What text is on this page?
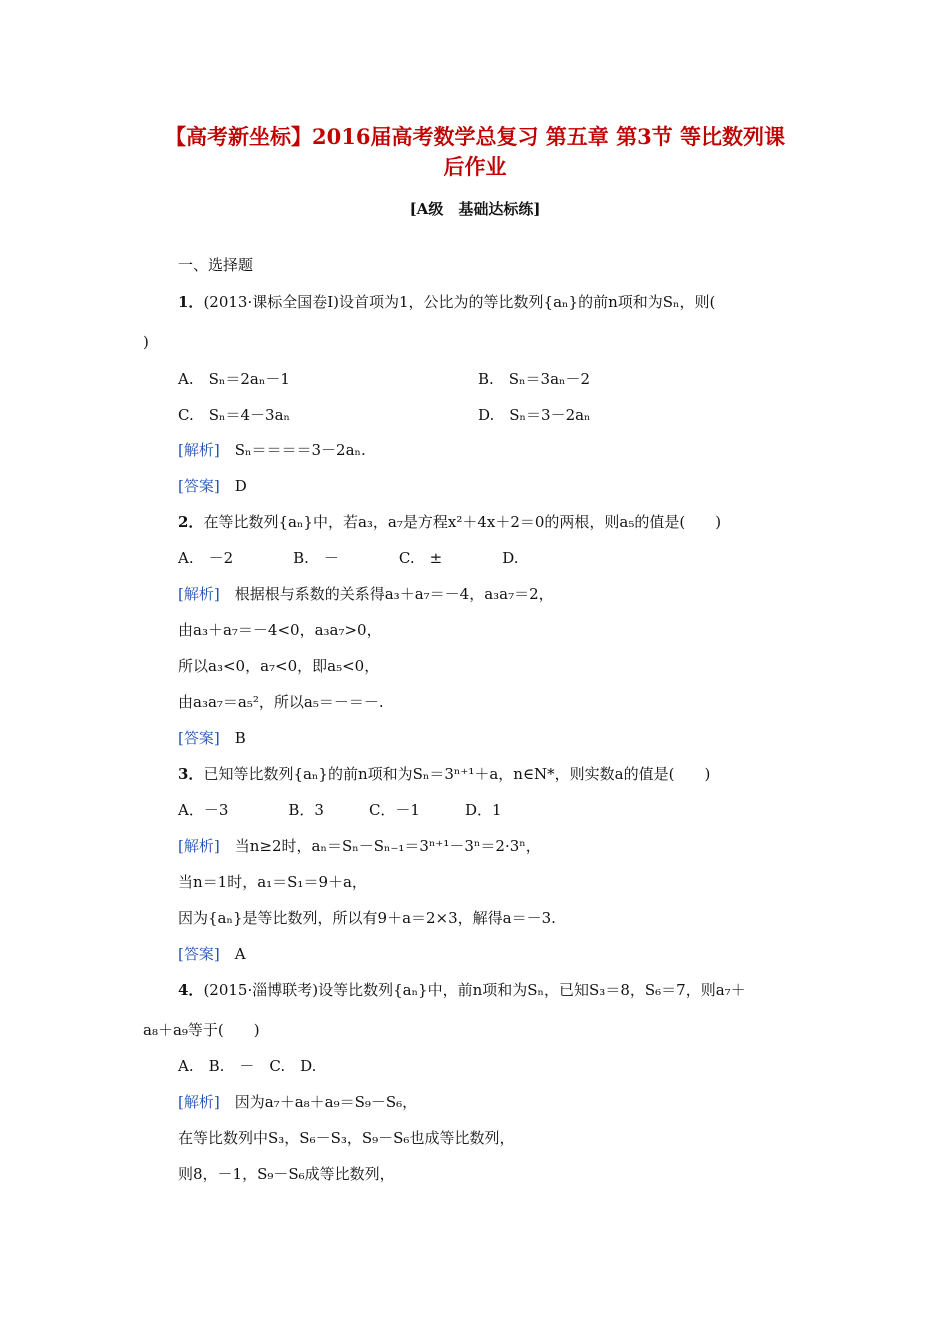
【高考新坐标】2016届高考数学总复习 第五章 第3节 等比数列课
后作业
[A级　基础达标练]
一、选择题
1．(2013·课标全国卷Ⅰ)设首项为1，公比为的等比数列{aₙ}的前n项和为Sₙ，则(
)
A.　Sₙ＝2aₙ－1	B.　Sₙ＝3aₙ－2
C.　Sₙ＝4－3aₙ	D.　Sₙ＝3－2aₙ
[解析]　 Sₙ＝＝＝＝3－2aₙ.
[答案]　 D
2．在等比数列{aₙ}中，若a₃，a₇是方程x²＋4x＋2＝0的两根，则a₅的值是(　　)
A.　－2　　　　B.　－　　　　C.　±　　　　D.
[解析]　 根据根与系数的关系得a₃＋a₇＝－4，a₃a₇＝2，
由a₃＋a₇＝－4<0，a₃a₇>0，
所以a₃<0，a₇<0，即a₅<0，
由a₃a₇＝a₅²，所以a₅＝－＝－.
[答案]　 B
3．已知等比数列{aₙ}的前n项和为Sₙ＝3ⁿ⁺¹＋a，n∈N*，则实数a的值是(　　)
A．－3　　　　B．3　　　C．－1　　　D．1
[解析]　 当n≥2时，aₙ＝Sₙ－Sₙ₋₁＝3ⁿ⁺¹－3ⁿ＝2·3ⁿ，
当n＝1时，a₁＝S₁＝9＋a，
因为{aₙ}是等比数列，所以有9＋a＝2×3，解得a＝－3.
[答案]　 A
4．(2015·淄博联考)设等比数列{aₙ}中，前n项和为Sₙ，已知S₃＝8，S₆＝7，则a₇＋
a₈＋a₉等于(　　)
A.　B.　－　C.　D.
[解析]　 因为a₇＋a₈＋a₉＝S₉－S₆，
在等比数列中S₃，S₆－S₃，S₉－S₆也成等比数列，
则8，－1，S₉－S₆成等比数列，
